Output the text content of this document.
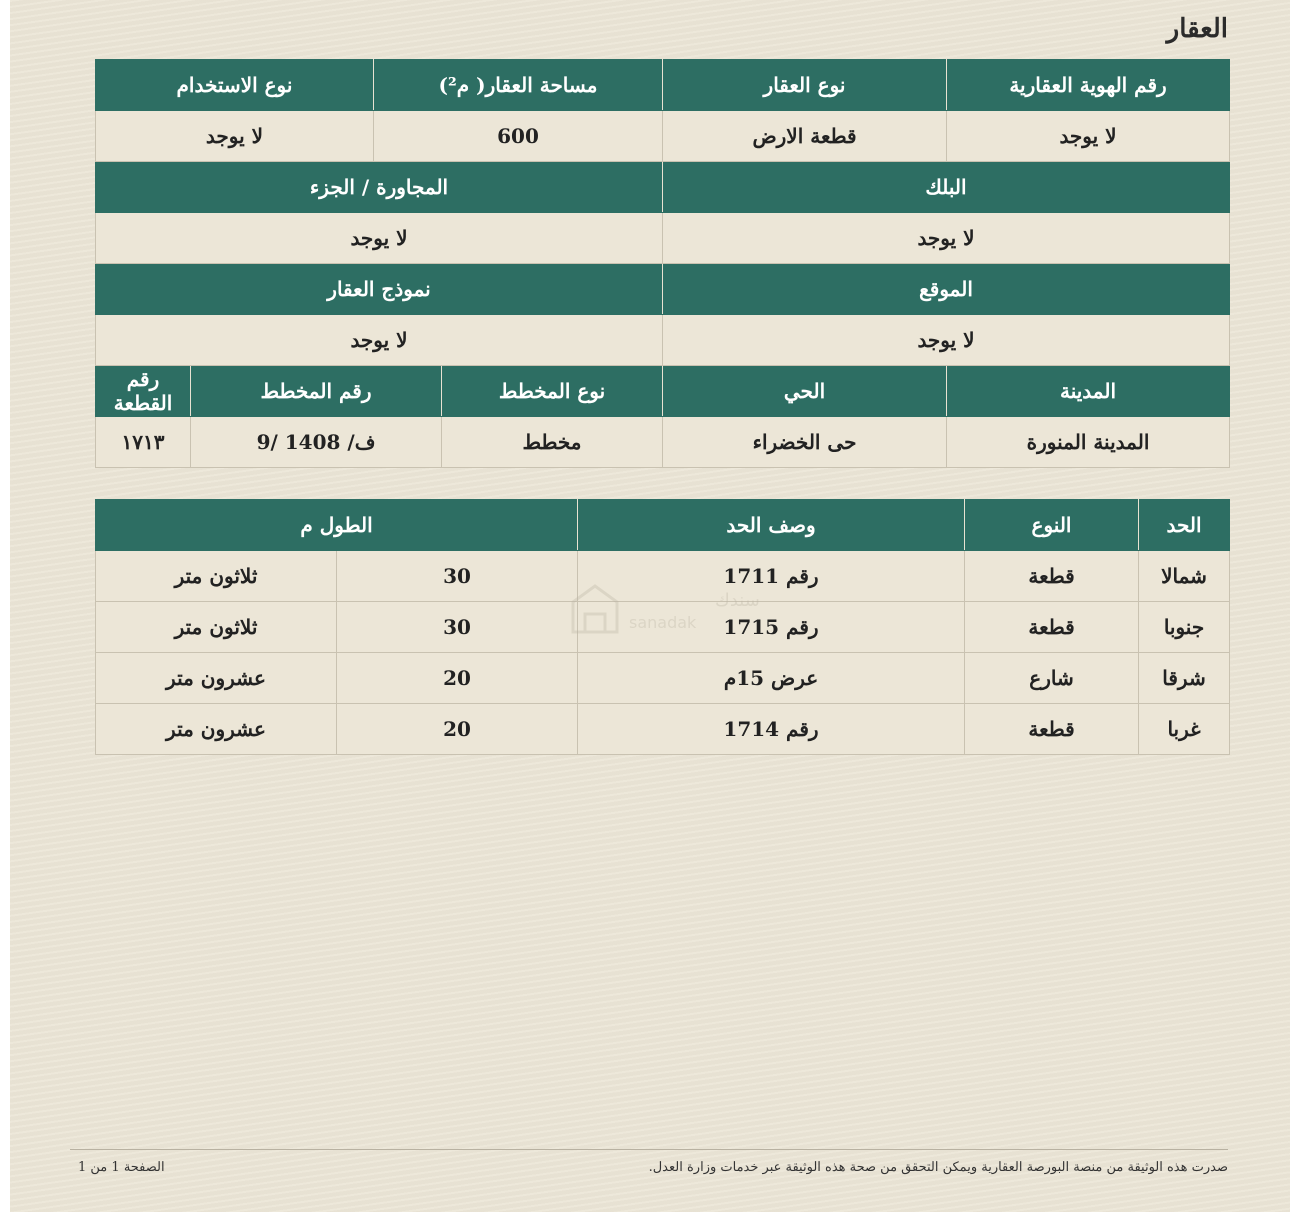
العقار
رقم الهوية العقارية	نوع العقار	مساحة العقار( م²)		نوع الاستخدام	
لا يوجد	قطعة الارض	600		لا يوجد	
البلك		المجاورة / الجزء			
لا يوجد		لا يوجد			
الموقع		نموذج العقار			
لا يوجد		لا يوجد			
المدينة	الحي	نوع المخطط	رقم المخطط		رقم القطعة
المدينة المنورة	حى الخضراء	مخطط	ف/ 1408 /9		١٧١٣
الحد	النوع	وصف الحد	الطول م	
شمالا	قطعة	رقم 1711	30	ثلاثون متر
جنوبا	قطعة	رقم 1715	30	ثلاثون متر
شرقا	شارع	عرض 15م	20	عشرون متر
غربا	قطعة	رقم 1714	20	عشرون متر
سندك
sanadak
صدرت هذه الوثيقة من منصة البورصة العقارية ويمكن التحقق من صحة هذه الوثيقة عبر خدمات وزارة العدل.
الصفحة 1 من 1
